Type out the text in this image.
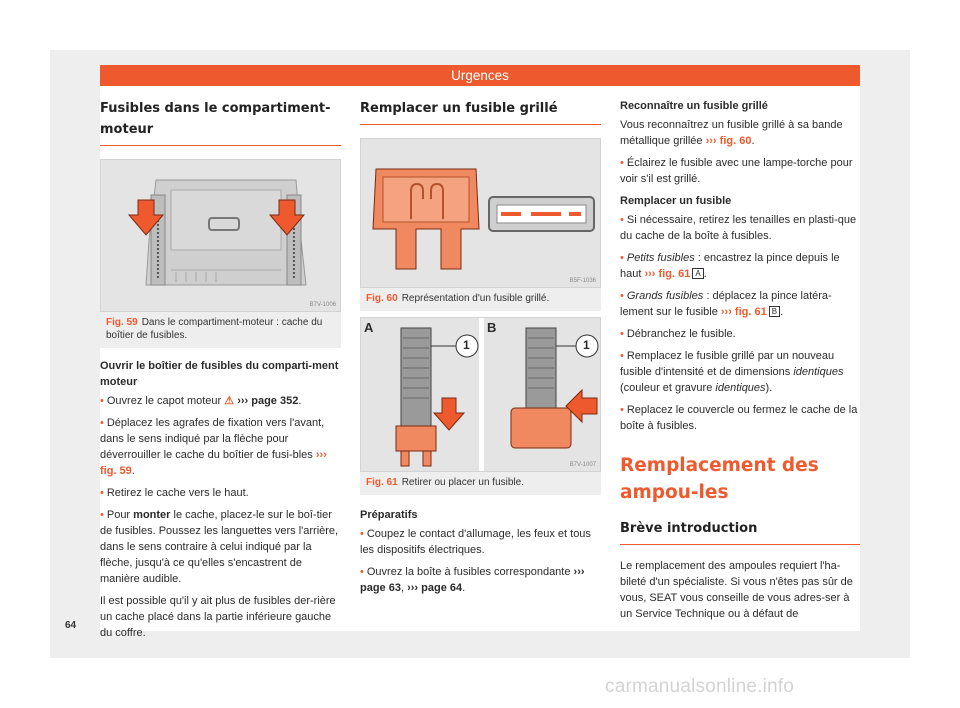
Urgences
Fusibles dans le compartiment-moteur
B7V-1006
Fig. 59 Dans le compartiment-moteur : cache du boîtier de fusibles.
Ouvrir le boîtier de fusibles du comparti-ment moteur

• Ouvrez le capot moteur ⚠ ››› page 352.

• Déplacez les agrafes de fixation vers l'avant, dans le sens indiqué par la flèche pour déverrouiller le cache du boîtier de fusi-bles ››› fig. 59.

• Retirez le cache vers le haut.

• Pour monter le cache, placez-le sur le boî-tier de fusibles. Poussez les languettes vers l'arrière, dans le sens contraire à celui indiqué par la flèche, jusqu'à ce qu'elles s'encastrent de manière audible.

Il est possible qu'il y ait plus de fusibles der-rière un cache placé dans la partie inférieure gauche du coffre.

Remplacer un fusible grillé
B5F-1036
Fig. 60 Représentation d'un fusible grillé.
A	B
1	1
B7V-1007
Fig. 61 Retirer ou placer un fusible.
Préparatifs

• Coupez le contact d'allumage, les feux et tous les dispositifs électriques.

• Ouvrez la boîte à fusibles correspondante ››› page 63, ››› page 64.

Reconnaître un fusible grillé

Vous reconnaîtrez un fusible grillé à sa bande métallique grillée ››› fig. 60.

• Éclairez le fusible avec une lampe-torche pour voir s'il est grillé.

Remplacer un fusible

• Si nécessaire, retirez les tenailles en plasti-que du cache de la boîte à fusibles.

• Petits fusibles : encastrez la pince depuis le haut ››› fig. 61 A .

• Grands fusibles : déplacez la pince latéra-lement sur le fusible ››› fig. 61 B .

• Débranchez le fusible.

• Remplacez le fusible grillé par un nouveau fusible d'intensité et de dimensions identiques (couleur et gravure identiques).

• Replacez le couvercle ou fermez le cache de la boîte à fusibles.

Remplacement des ampou-les
Brève introduction

Le remplacement des ampoules requiert l'ha-bileté d'un spécialiste. Si vous n'êtes pas sûr de vous, SEAT vous conseille de vous adres-ser à un Service Technique ou à défaut de

64
carmanualsonline.info
